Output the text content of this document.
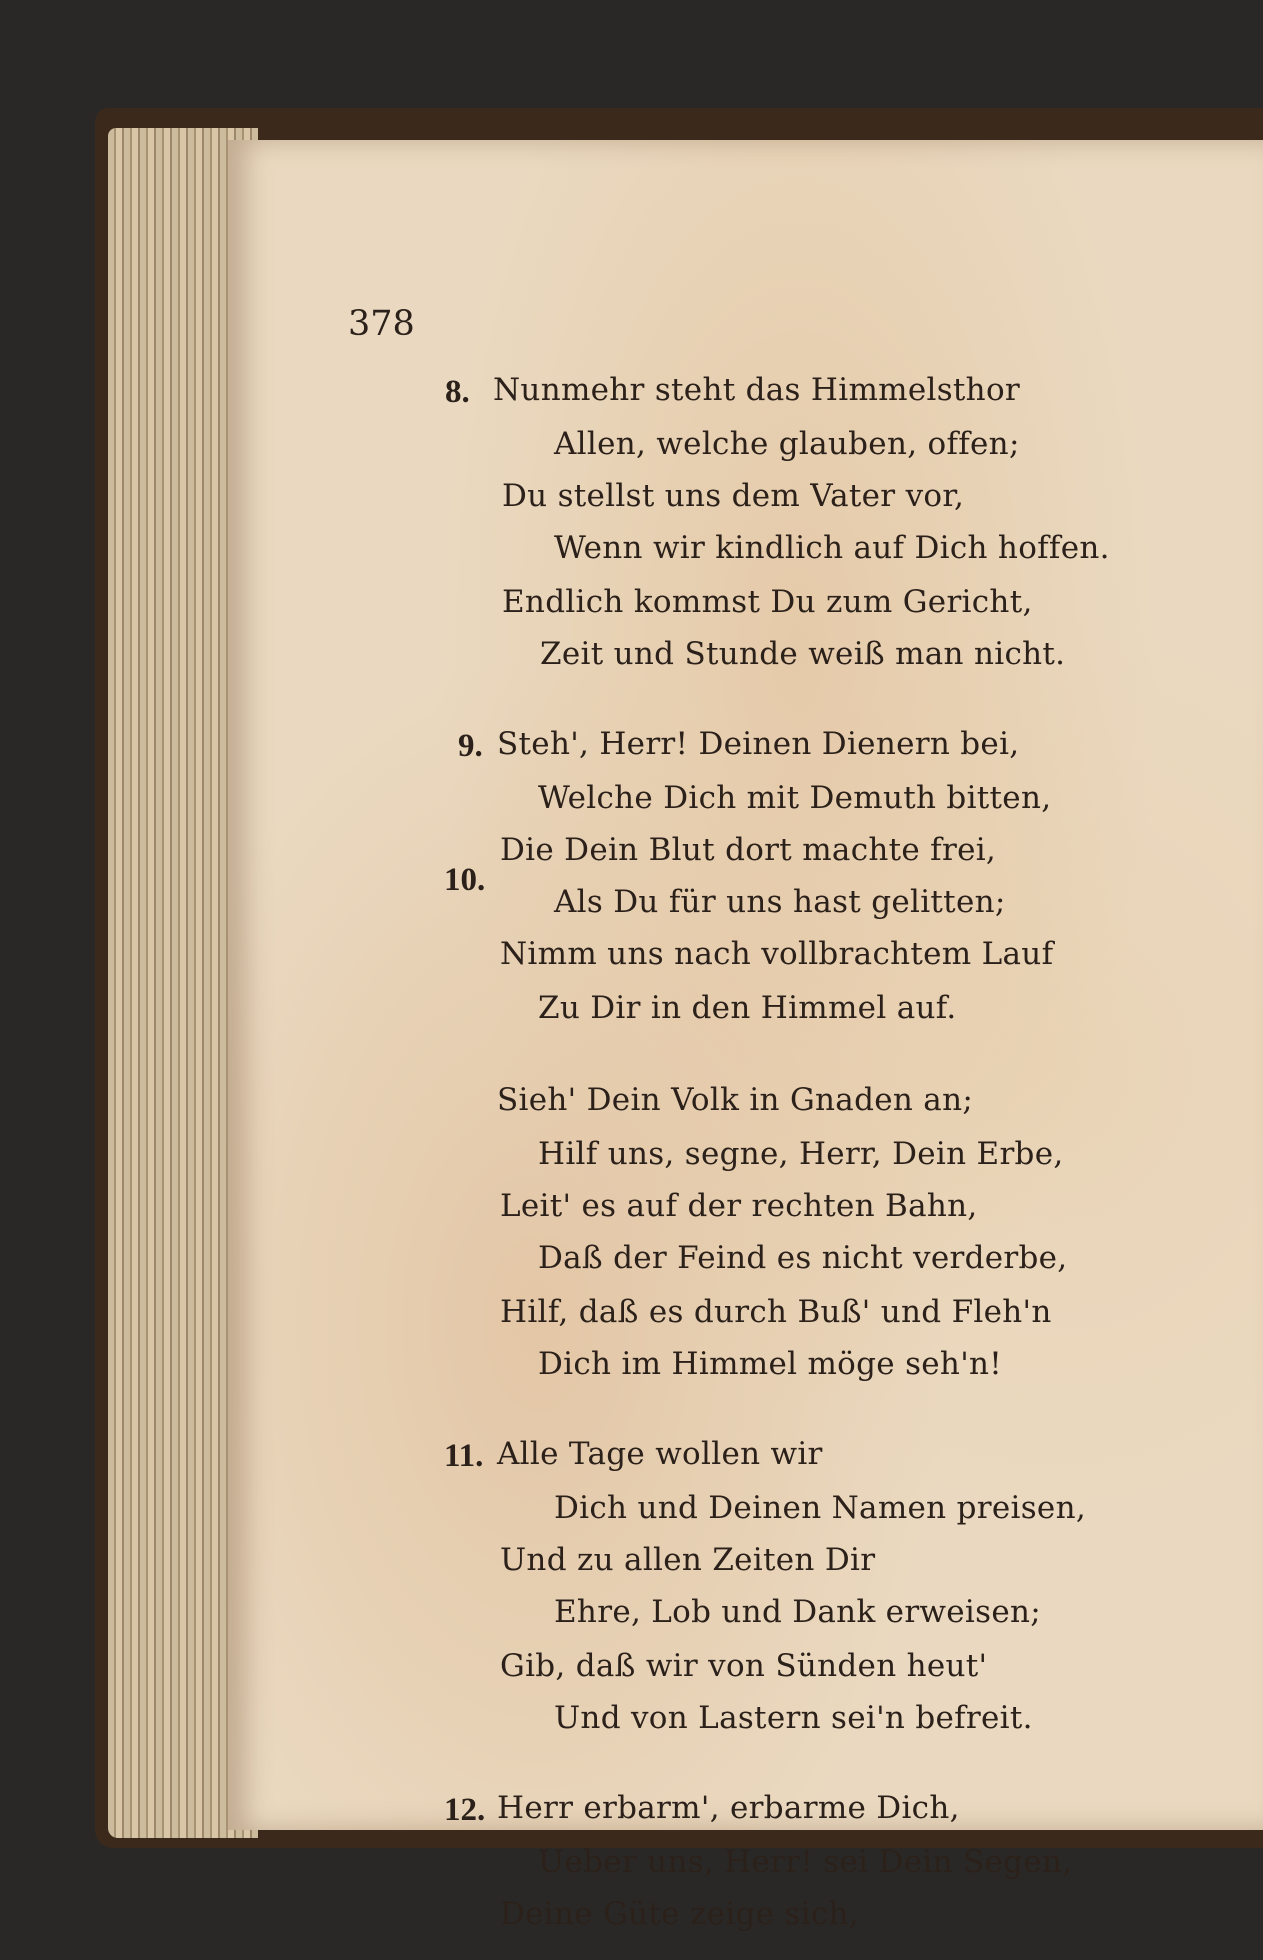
378
8. Nunmehr steht das Himmelsthor
Allen, welche glauben, offen;
Du stellst uns dem Vater vor,
Wenn wir kindlich auf Dich hoffen.
Endlich kommst Du zum Gericht,
Zeit und Stunde weiß man nicht.
9. Steh', Herr! Deinen Dienern bei,
Welche Dich mit Demuth bitten,
Die Dein Blut dort machte frei,
Als Du für uns hast gelitten;
Nimm uns nach vollbrachtem Lauf
Zu Dir in den Himmel auf.
10.
Sieh' Dein Volk in Gnaden an;
Hilf uns, segne, Herr, Dein Erbe,
Leit' es auf der rechten Bahn,
Daß der Feind es nicht verderbe,
Hilf, daß es durch Buß' und Fleh'n
Dich im Himmel möge seh'n!
11. Alle Tage wollen wir
Dich und Deinen Namen preisen,
Und zu allen Zeiten Dir
Ehre, Lob und Dank erweisen;
Gib, daß wir von Sünden heut'
Und von Lastern sei'n befreit.
12. Herr erbarm', erbarme Dich,
Ueber uns, Herr! sei Dein Segen,
Deine Güte zeige sich,
